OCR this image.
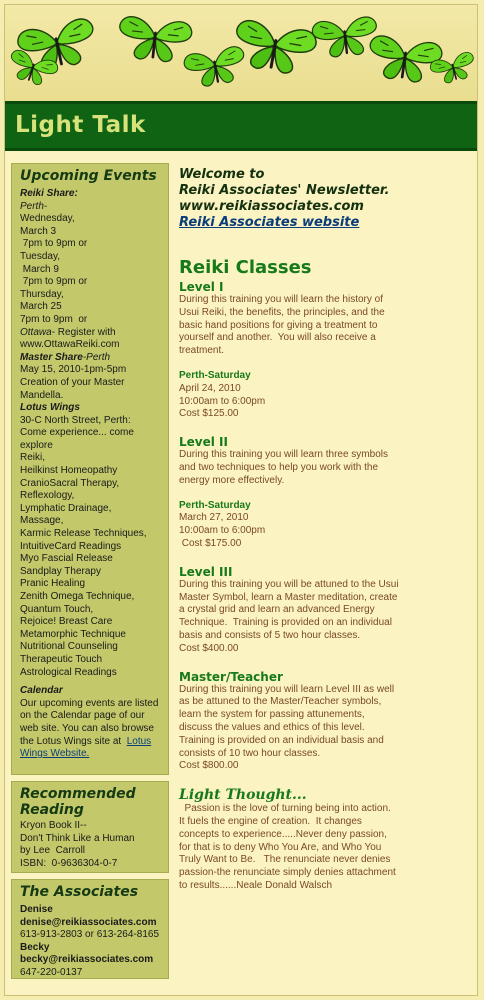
Light Talk
Upcoming Events
Reiki Share:
Perth-
Wednesday,
March 3
7pm to 9pm or
Tuesday,
March 9
7pm to 9pm or
Thursday,
March 25
7pm to 9pm  or
Ottawa- Register with
www.OttawaReiki.com
Master Share-Perth
May 15, 2010-1pm-5pm
Creation of your Master
Mandella.
Lotus Wings
30-C North Street, Perth:
Come experience... come
explore
Reiki,
Heilkinst Homeopathy
CranioSacral Therapy,
Reflexology,
Lymphatic Drainage,
Massage,
Karmic Release Techniques,
IntuitiveCard Readings
Myo Fascial Release
Sandplay Therapy
Pranic Healing
Zenith Omega Technique,
Quantum Touch,
Rejoice! Breast Care
Metamorphic Technique
Nutritional Counseling
Therapeutic Touch
Astrological Readings
Calendar
Our upcoming events are listed
on the Calendar page of our
web site. You can also browse
the Lotus Wings site at  Lotus
Wings Website.
Recommended
Reading
Kryon Book II--
Don't Think Like a Human
by Lee  Carroll
ISBN:  0-9636304-0-7
The Associates
Denise
denise@reikiassociates.com
613-913-2803 or 613-264-8165
Becky
becky@reikiassociates.com
647-220-0137
Welcome to
Reiki Associates' Newsletter.
www.reikiassociates.com
Reiki Associates website
Reiki Classes
Level I
During this training you will learn the history of
Usui Reiki, the benefits, the principles, and the
basic hand positions for giving a treatment to
yourself and another.  You will also receive a
treatment.
Perth-Saturday
April 24, 2010
10:00am to 6:00pm
Cost $125.00
Level II
During this training you will learn three symbols
and two techniques to help you work with the
energy more effectively.
Perth-Saturday
March 27, 2010
10:00am to 6:00pm
Cost $175.00
Level III
During this training you will be attuned to the Usui
Master Symbol, learn a Master meditation, create
a crystal grid and learn an advanced Energy
Technique.  Training is provided on an individual
basis and consists of 5 two hour classes.
Cost $400.00
Master/Teacher
During this training you will learn Level III as well
as be attuned to the Master/Teacher symbols,
learn the system for passing attunements,
discuss the values and ethics of this level.
Training is provided on an individual basis and
consists of 10 two hour classes.
Cost $800.00
Light Thought...
Passion is the love of turning being into action.
It fuels the engine of creation.  It changes
concepts to experience.....Never deny passion,
for that is to deny Who You Are, and Who You
Truly Want to Be.   The renunciate never denies
passion-the renunciate simply denies attachment
to results......Neale Donald Walsch
